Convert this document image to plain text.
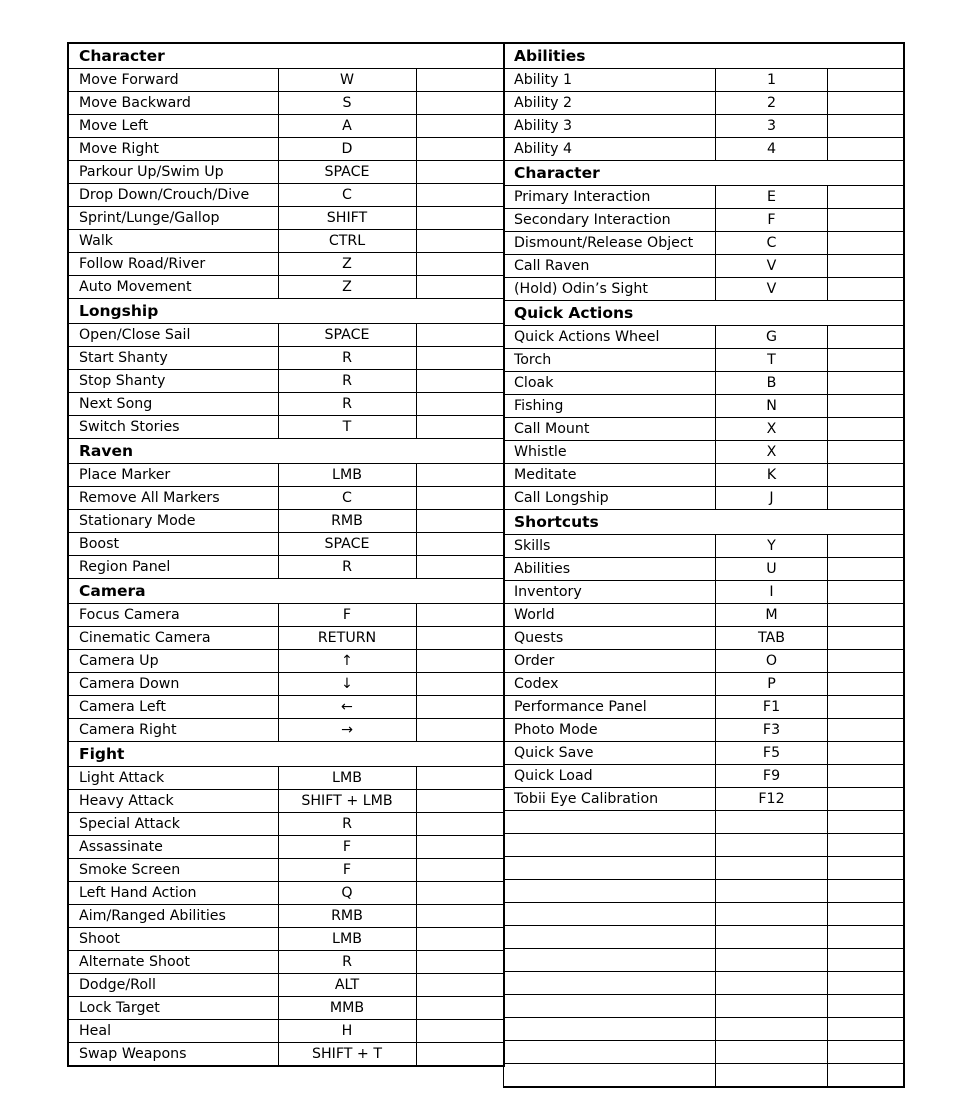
Character		
Move Forward	W	
Move Backward	S	
Move Left	A	
Move Right	D	
Parkour Up/Swim Up	SPACE	
Drop Down/Crouch/Dive	C	
Sprint/Lunge/Gallop	SHIFT	
Walk	CTRL	
Follow Road/River	Z	
Auto Movement	Z	
Longship		
Open/Close Sail	SPACE	
Start Shanty	R	
Stop Shanty	R	
Next Song	R	
Switch Stories	T	
Raven		
Place Marker	LMB	
Remove All Markers	C	
Stationary Mode	RMB	
Boost	SPACE	
Region Panel	R	
Camera		
Focus Camera	F	
Cinematic Camera	RETURN	
Camera Up	↑	
Camera Down	↓	
Camera Left	←	
Camera Right	→	
Fight		
Light Attack	LMB	
Heavy Attack	SHIFT + LMB	
Special Attack	R	
Assassinate	F	
Smoke Screen	F	
Left Hand Action	Q	
Aim/Ranged Abilities	RMB	
Shoot	LMB	
Alternate Shoot	R	
Dodge/Roll	ALT	
Lock Target	MMB	
Heal	H	
Swap Weapons	SHIFT + T	
Abilities		
Ability 1	1	
Ability 2	2	
Ability 3	3	
Ability 4	4	
Character		
Primary Interaction	E	
Secondary Interaction	F	
Dismount/Release Object	C	
Call Raven	V	
(Hold) Odin’s Sight	V	
Quick Actions		
Quick Actions Wheel	G	
Torch	T	
Cloak	B	
Fishing	N	
Call Mount	X	
Whistle	X	
Meditate	K	
Call Longship	J	
Shortcuts		
Skills	Y	
Abilities	U	
Inventory	I	
World	M	
Quests	TAB	
Order	O	
Codex	P	
Performance Panel	F1	
Photo Mode	F3	
Quick Save	F5	
Quick Load	F9	
Tobii Eye Calibration	F12	
